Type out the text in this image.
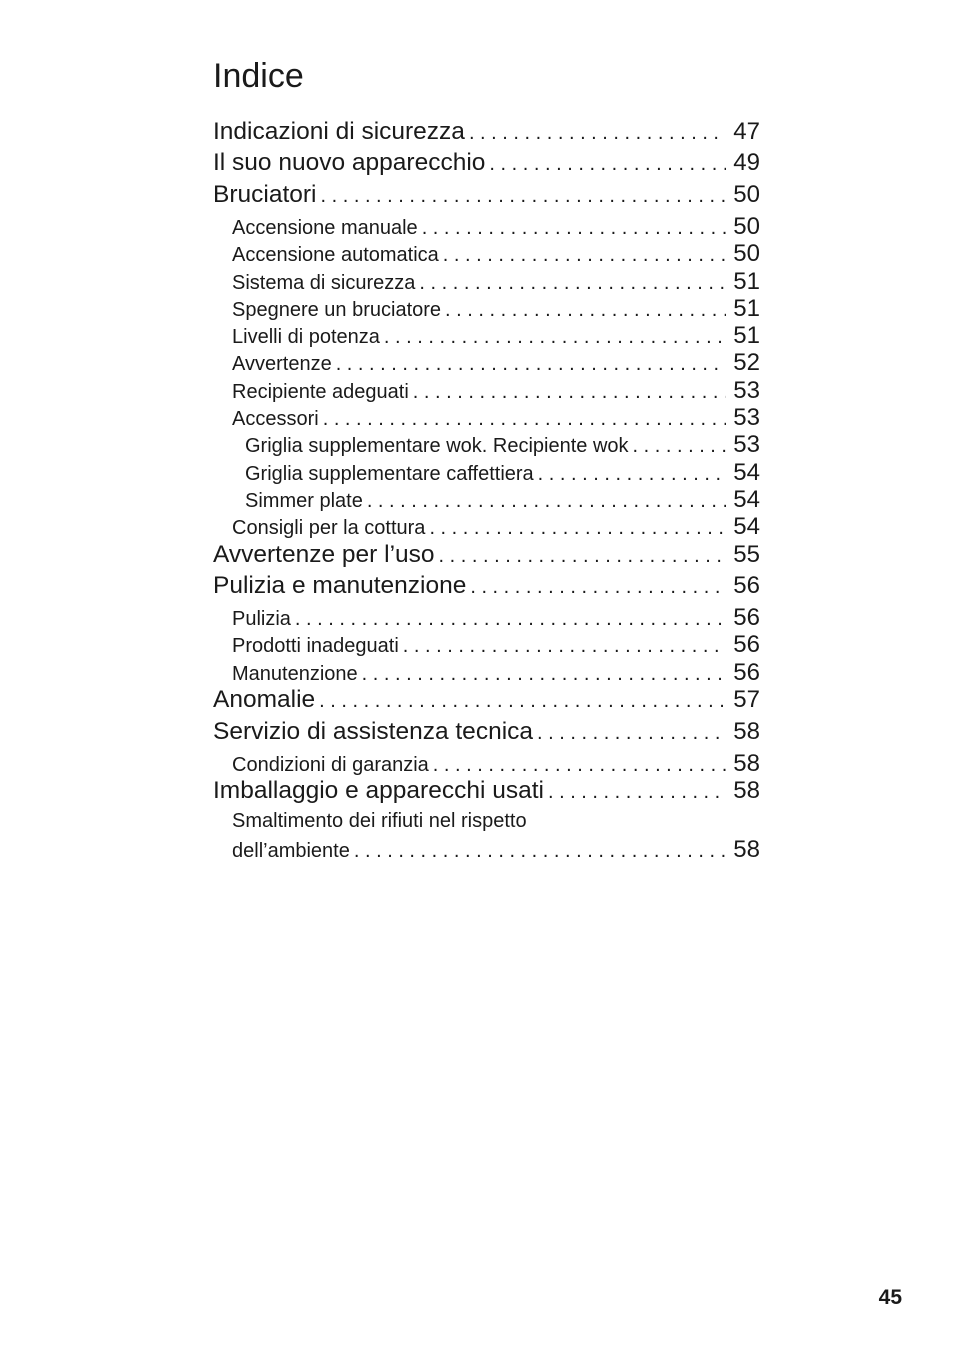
Indice
Indicazioni di sicurezza . . .	47
Il suo nuovo apparecchio . . .	49
Bruciatori . . .	50
Accensione manuale . . .	50
Accensione automatica . . .	50
Sistema di sicurezza . . .	51
Spegnere un bruciatore . . .	51
Livelli di potenza . . .	51
Avvertenze . . .	52
Recipiente adeguati . . .	53
Accessori . . .	53
Griglia supplementare wok. Recipiente wok . . .	53
Griglia supplementare caffettiera . . .	54
Simmer plate . . .	54
Consigli per la cottura . . .	54
Avvertenze per l’uso . . .	55
Pulizia e manutenzione . . .	56
Pulizia . . .	56
Prodotti inadeguati . . .	56
Manutenzione . . .	56
Anomalie . . .	57
Servizio di assistenza tecnica . . .	58
Condizioni di garanzia . . .	58
Imballaggio e apparecchi usati . . .	58
Smaltimento dei rifiuti nel rispetto
dell’ambiente . . .	58
45
